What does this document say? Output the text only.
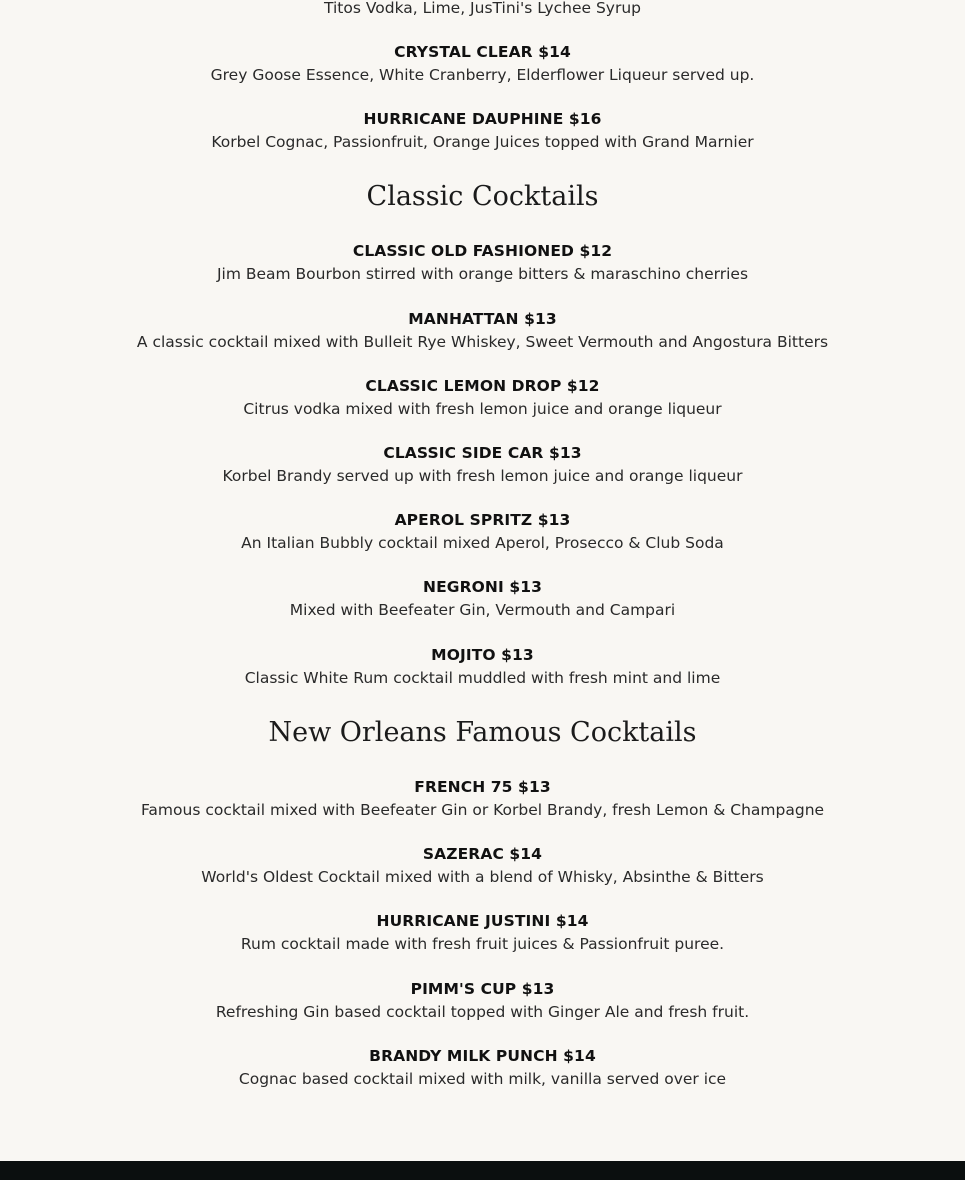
Titos Vodka, Lime, JusTini's Lychee Syrup
CRYSTAL CLEAR $14
Grey Goose Essence, White Cranberry, Elderflower Liqueur served up.
HURRICANE DAUPHINE $16
Korbel Cognac, Passionfruit, Orange Juices topped with Grand Marnier
Classic Cocktails
CLASSIC OLD FASHIONED $12
Jim Beam Bourbon stirred with orange bitters & maraschino cherries
MANHATTAN $13
A classic cocktail mixed with Bulleit Rye Whiskey, Sweet Vermouth and Angostura Bitters
CLASSIC LEMON DROP $12
Citrus vodka mixed with fresh lemon juice and orange liqueur
CLASSIC SIDE CAR $13
Korbel Brandy served up with fresh lemon juice and orange liqueur
APEROL SPRITZ $13
An Italian Bubbly cocktail mixed Aperol, Prosecco & Club Soda
NEGRONI $13
Mixed with Beefeater Gin, Vermouth and Campari
MOJITO $13
Classic White Rum cocktail muddled with fresh mint and lime
New Orleans Famous Cocktails
FRENCH 75 $13
Famous cocktail mixed with Beefeater Gin or Korbel Brandy, fresh Lemon & Champagne
SAZERAC $14
World's Oldest Cocktail mixed with a blend of Whisky, Absinthe & Bitters
HURRICANE JUSTINI $14
Rum cocktail made with fresh fruit juices & Passionfruit puree.
PIMM'S CUP $13
Refreshing Gin based cocktail topped with Ginger Ale and fresh fruit.
BRANDY MILK PUNCH $14
Cognac based cocktail mixed with milk, vanilla served over ice
